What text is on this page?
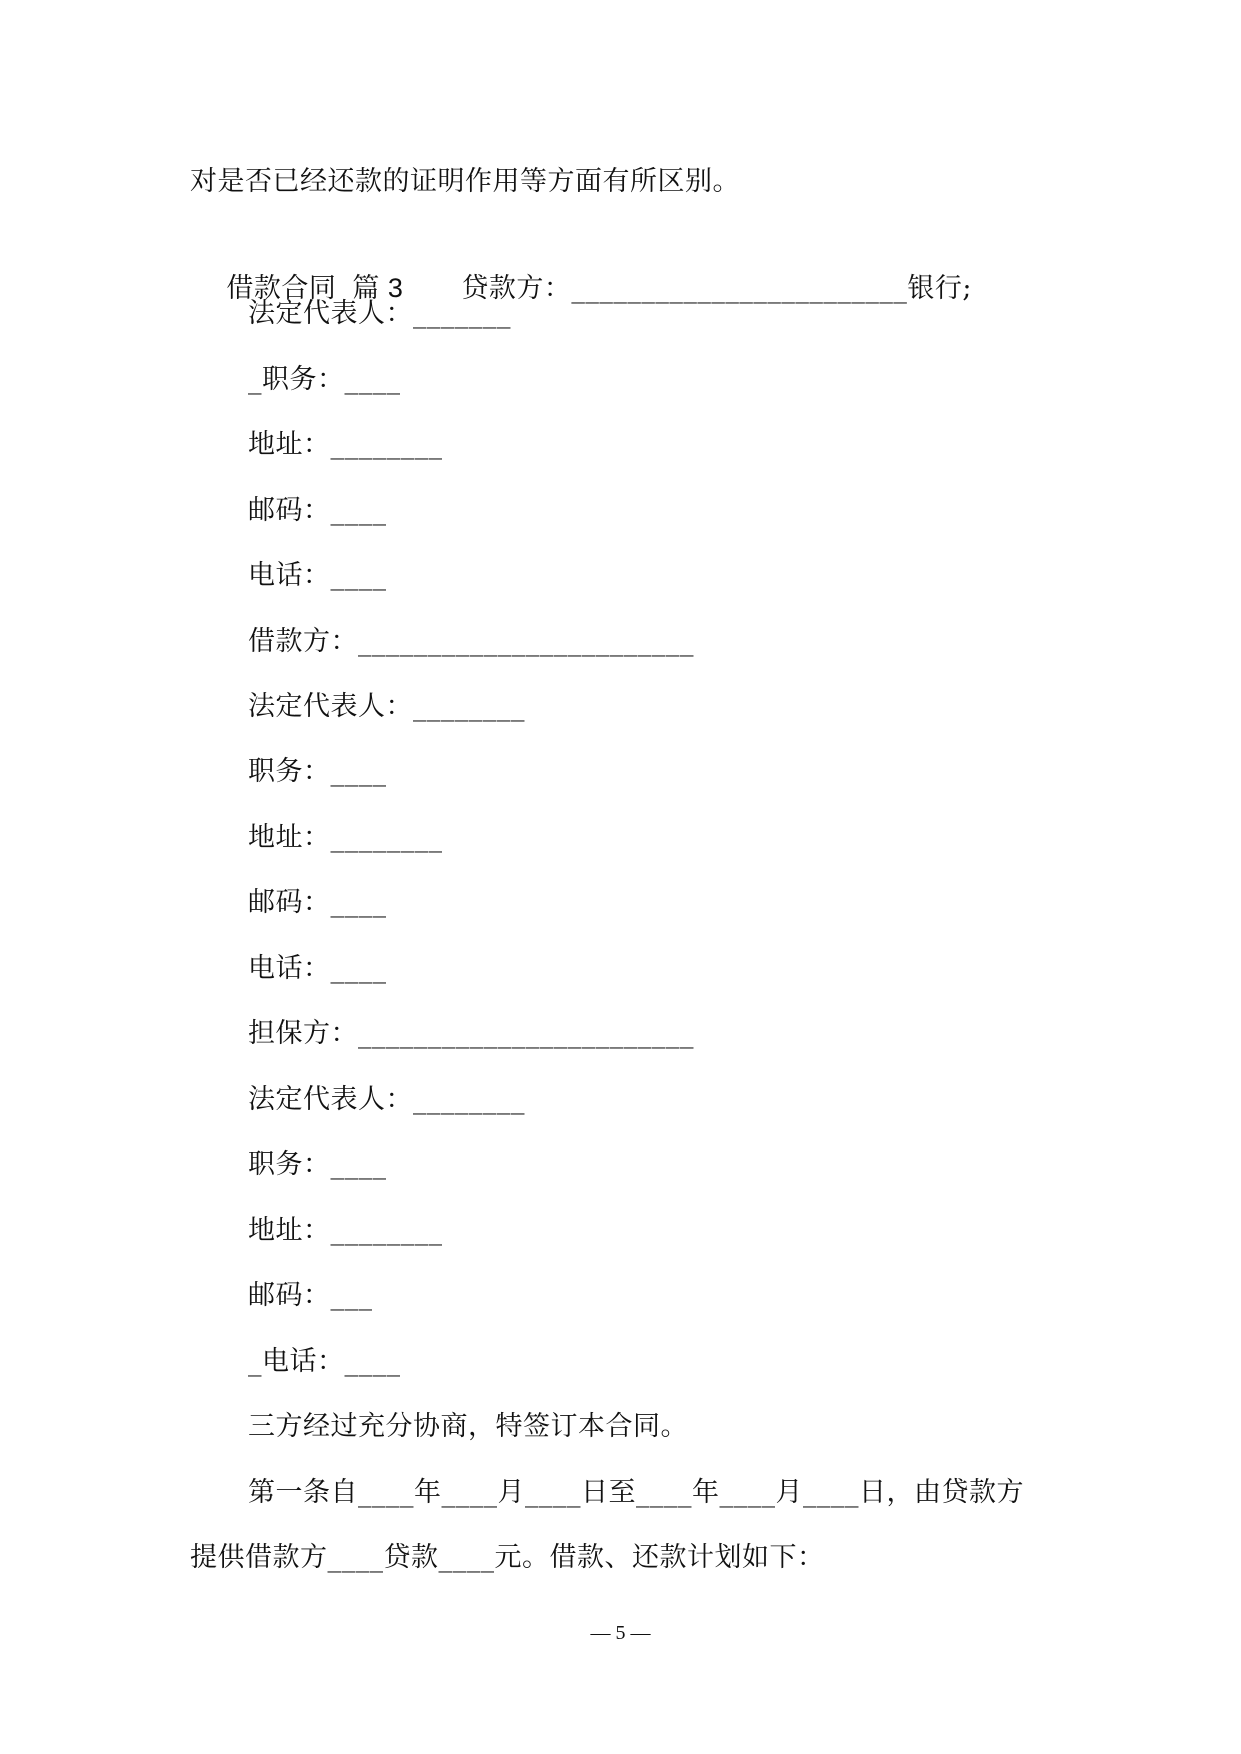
对是否已经还款的证明作用等方面有所区别。

借款合同 篇 3 贷款方：________________________银行;

法定代表人：_______
_职务：____
地址：________
邮码：____
电话：____
借款方：________________________
法定代表人：________
职务：____
地址：________
邮码：____
电话：____
担保方：________________________
法定代表人：________
职务：____
地址：________
邮码：___
_电话：____
三方经过充分协商，特签订本合同。
第一条自____年____月____日至____年____月____日，由贷款方
提供借款方____贷款____元。借款、还款计划如下：
— 5 —
